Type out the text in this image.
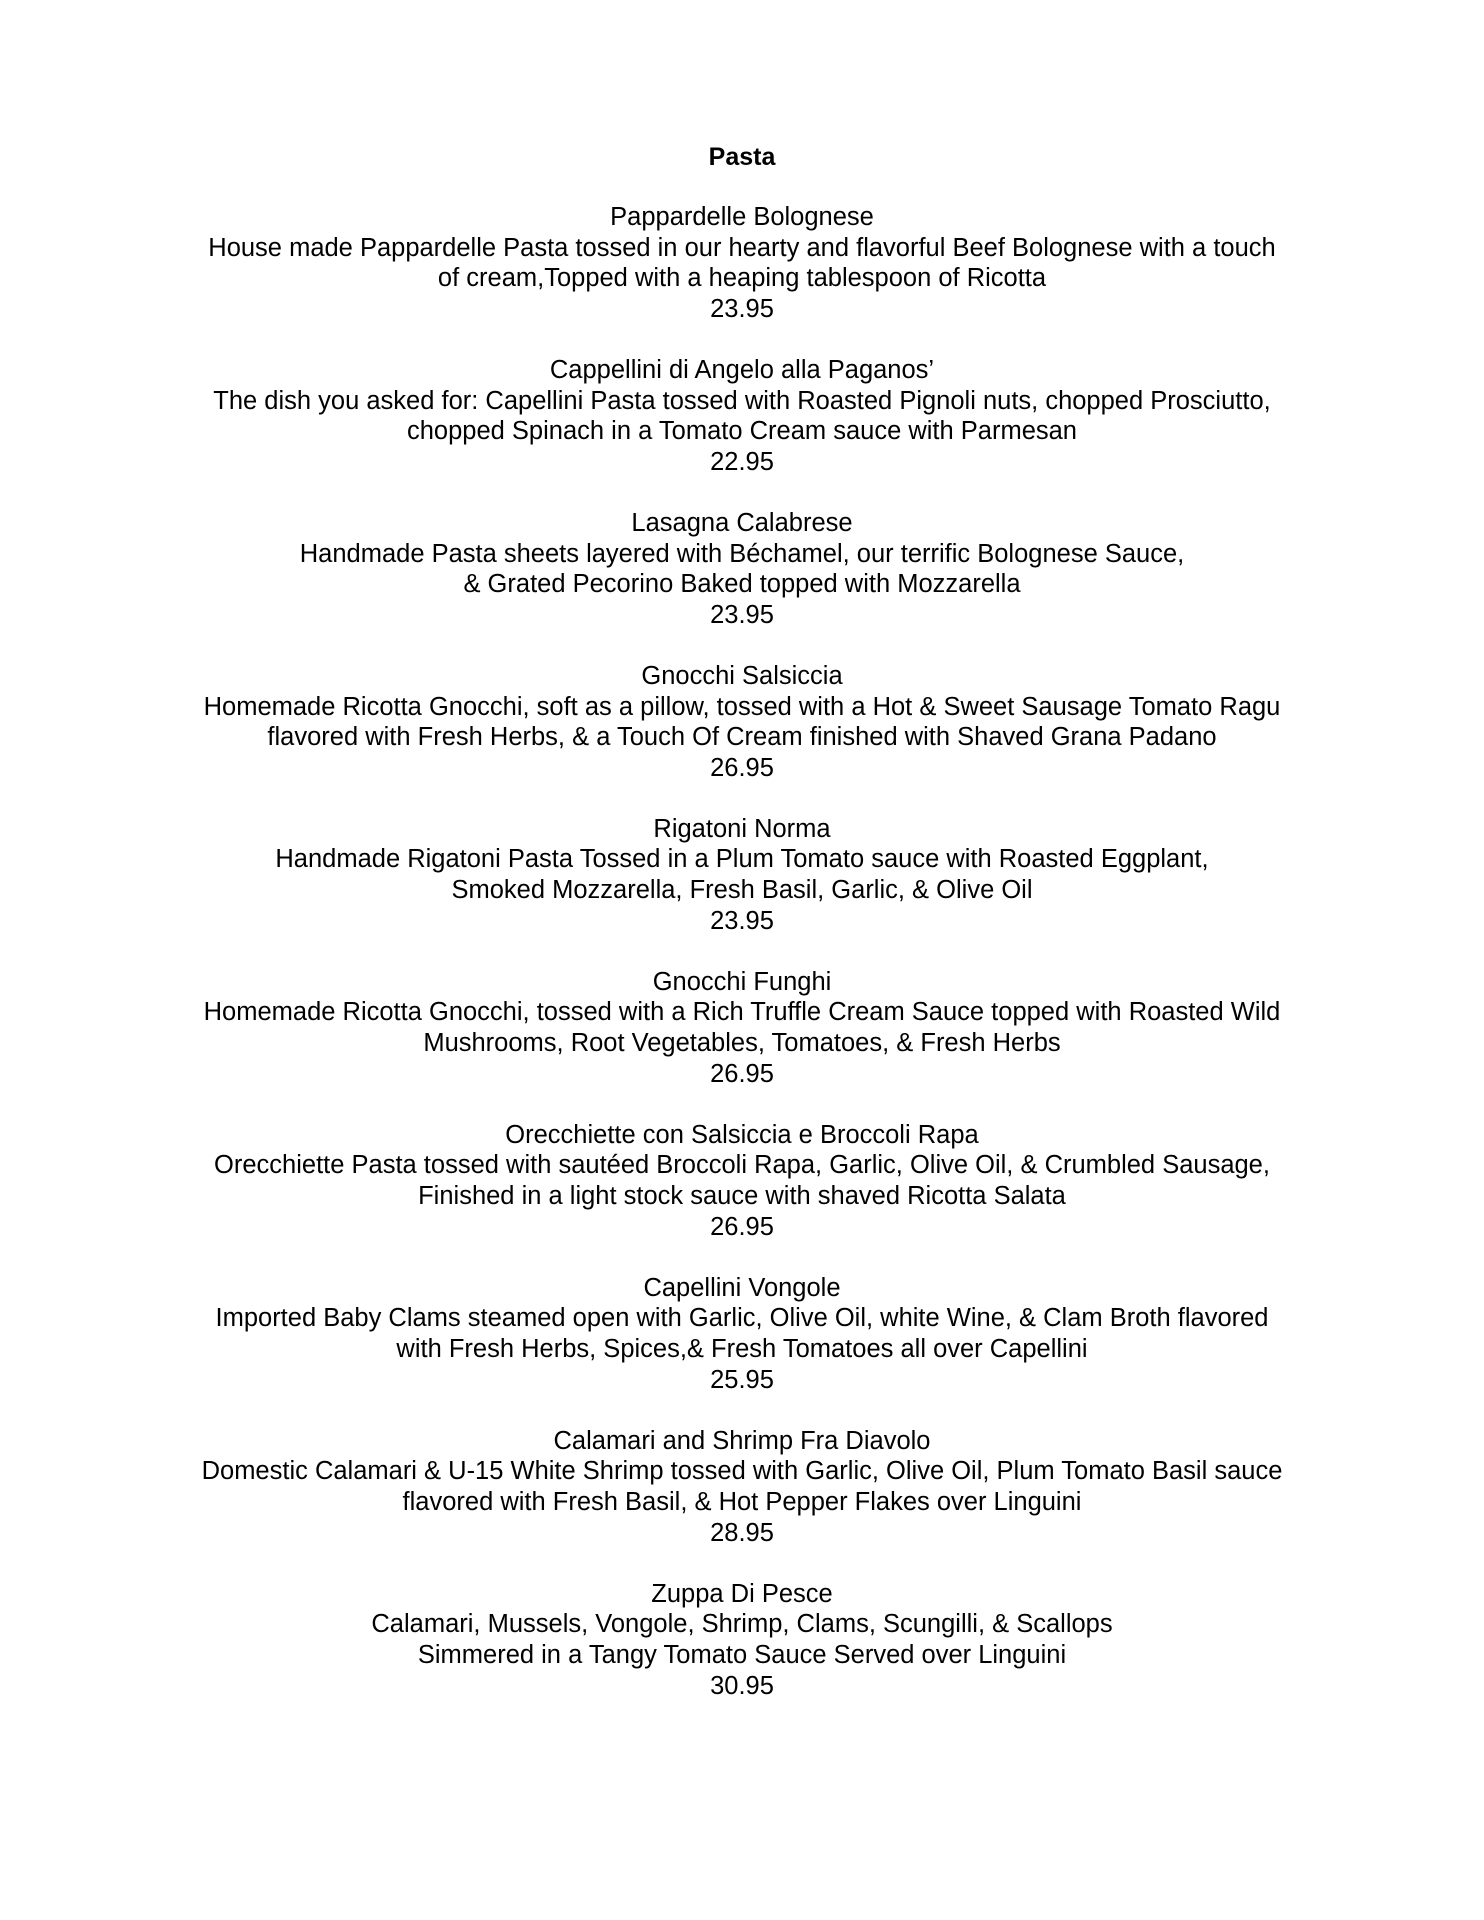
Pasta
Pappardelle Bolognese
House made Pappardelle Pasta tossed in our hearty and flavorful Beef Bolognese with a touch
of cream,Topped with a heaping tablespoon of Ricotta
23.95
Cappellini di Angelo alla Paganos’
The dish you asked for: Capellini Pasta tossed with Roasted Pignoli nuts, chopped Prosciutto,
chopped Spinach in a Tomato Cream sauce with Parmesan
22.95
Lasagna Calabrese
Handmade Pasta sheets layered with Béchamel, our terrific Bolognese Sauce,
& Grated Pecorino Baked topped with Mozzarella
23.95
Gnocchi Salsiccia
Homemade Ricotta Gnocchi, soft as a pillow, tossed with a Hot & Sweet Sausage Tomato Ragu
flavored with Fresh Herbs, & a Touch Of Cream finished with Shaved Grana Padano
26.95
Rigatoni Norma
Handmade Rigatoni Pasta Tossed in a Plum Tomato sauce with Roasted Eggplant,
Smoked Mozzarella, Fresh Basil, Garlic, & Olive Oil
23.95
Gnocchi Funghi
Homemade Ricotta Gnocchi, tossed with a Rich Truffle Cream Sauce topped with Roasted Wild
Mushrooms, Root Vegetables, Tomatoes, & Fresh Herbs
26.95
Orecchiette con Salsiccia e Broccoli Rapa
Orecchiette Pasta tossed with sautéed Broccoli Rapa, Garlic, Olive Oil, & Crumbled Sausage,
Finished in a light stock sauce with shaved Ricotta Salata
26.95
Capellini Vongole
Imported Baby Clams steamed open with Garlic, Olive Oil, white Wine, & Clam Broth flavored
with Fresh Herbs, Spices,& Fresh Tomatoes all over Capellini
25.95
Calamari and Shrimp Fra Diavolo
Domestic Calamari & U-15 White Shrimp tossed with Garlic, Olive Oil, Plum Tomato Basil sauce
flavored with Fresh Basil, & Hot Pepper Flakes over Linguini
28.95
Zuppa Di Pesce
Calamari, Mussels, Vongole, Shrimp, Clams, Scungilli, & Scallops
Simmered in a Tangy Tomato Sauce Served over Linguini
30.95
